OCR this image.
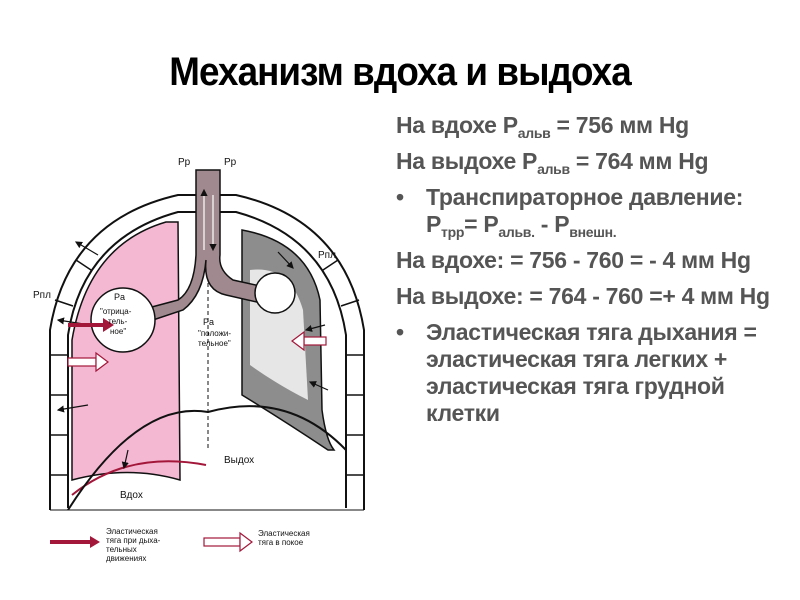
Механизм вдоха и выдоха
Pp	Pp
Pпл
Pпл
Pa
Pa
"отрица-
тель-
ное"	"положи-
тельное"
Вдох
Выдох
Эластическая
тяга при дыха-
тельных
движениях
Эластическая
тяга в покое
На вдохе $P_{альв} = 756$ мм Hg
На выдохе $P_{альв} = 764$ мм Hg
• Транспираторное давление: $P_{трр}= P_{альв.} - P_{внешн.}$
На вдохе: = 756 - 760 = - 4 мм Hg
На выдохе: = 764 - 760 =+ 4 мм Hg
• Эластическая тяга дыхания = эластическая тяга легких + эластическая тяга грудной клетки
